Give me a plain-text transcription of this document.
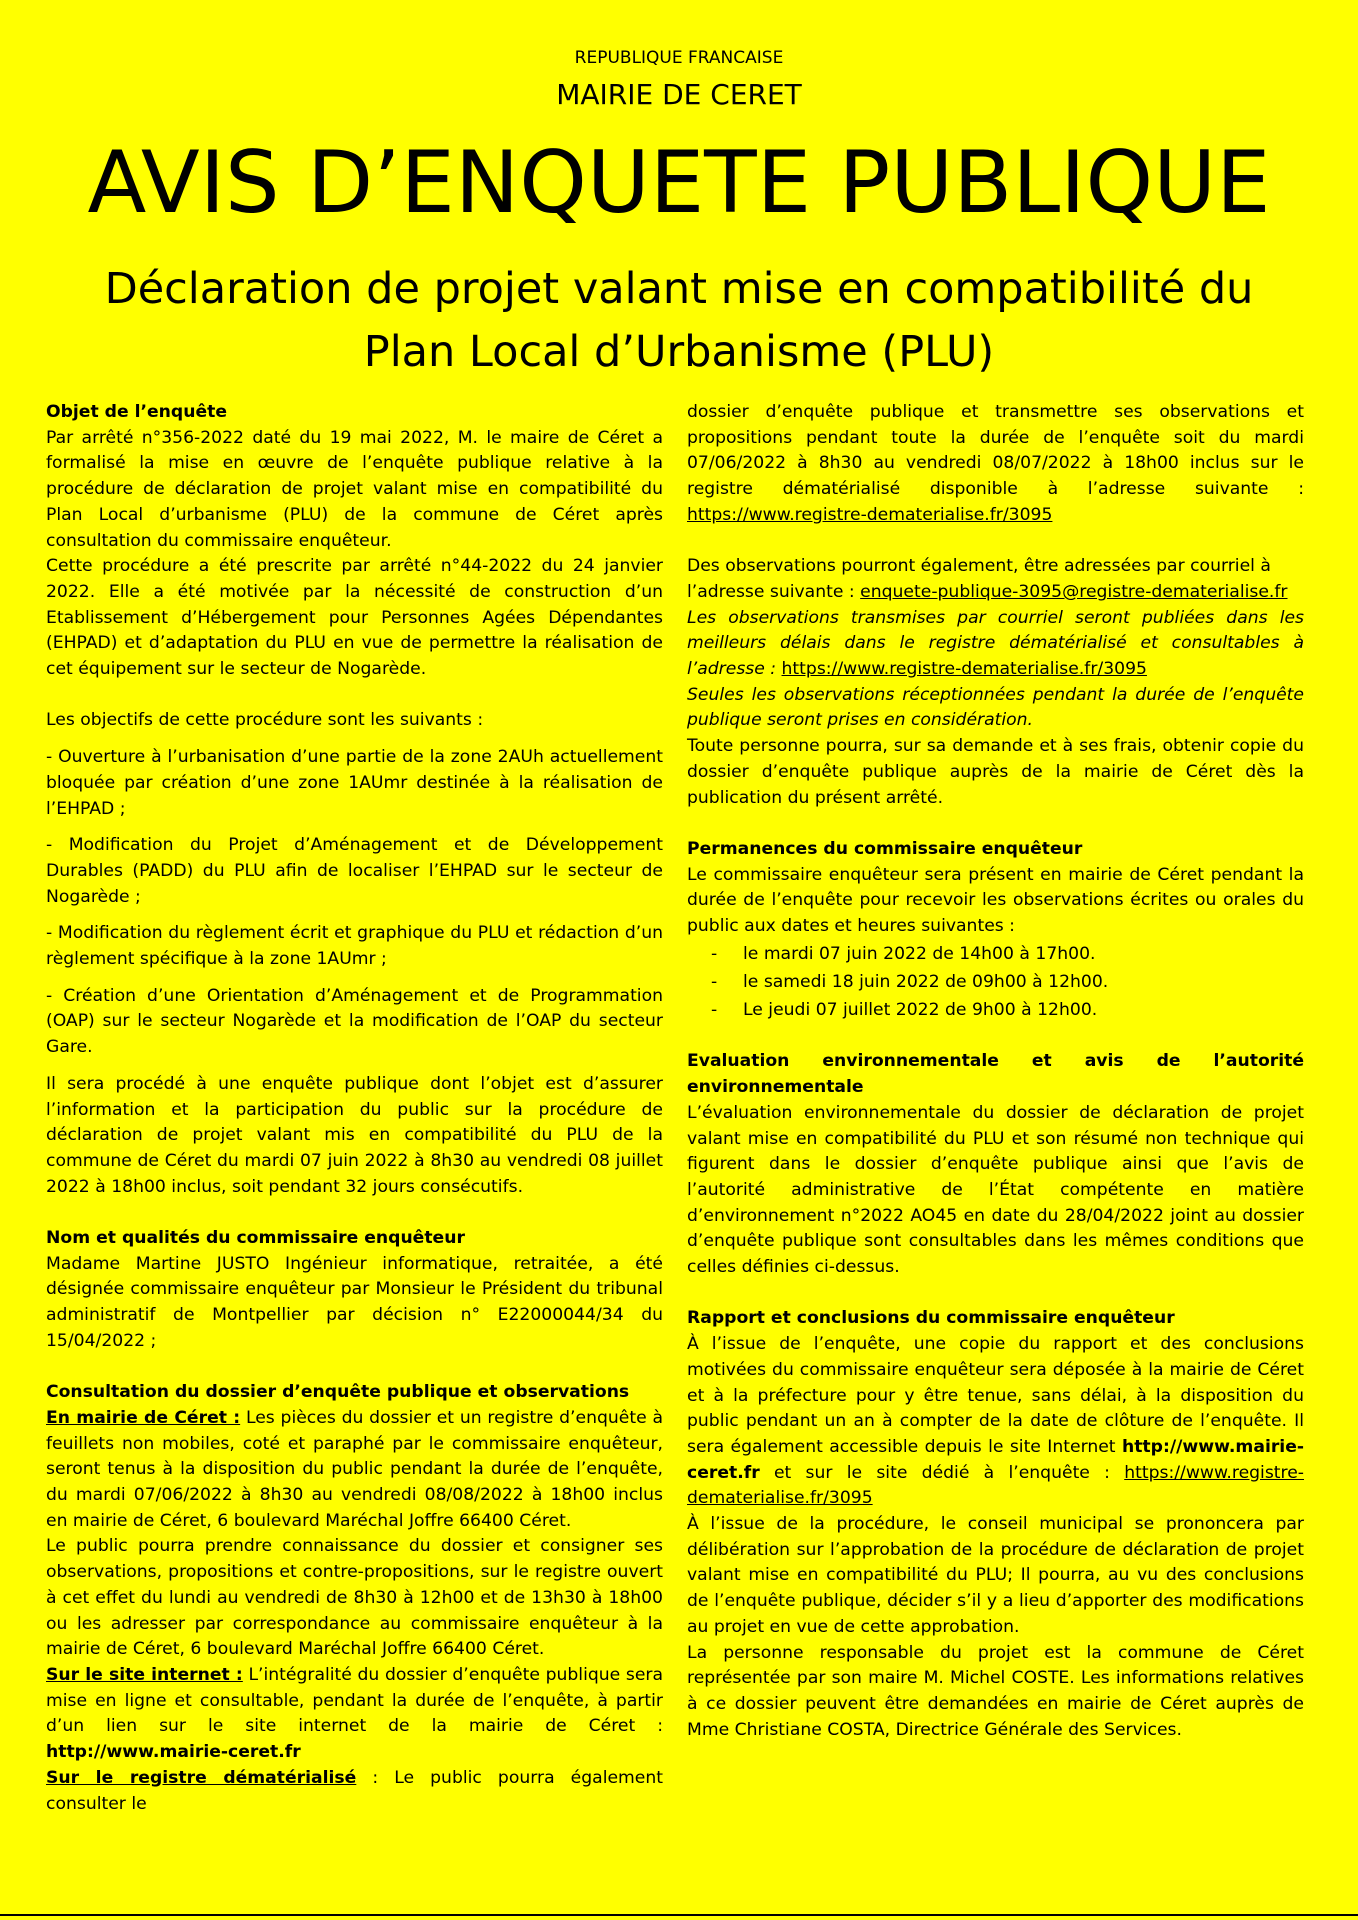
REPUBLIQUE FRANCAISE
MAIRIE DE CERET
AVIS D’ENQUETE PUBLIQUE
Déclaration de projet valant mise en compatibilité du
Plan Local d’Urbanisme (PLU)

Objet de l’enquête

Par arrêté n°356-2022 daté du 19 mai 2022, M. le maire de Céret a formalisé la mise en œuvre de l’enquête publique relative à la procédure de déclaration de projet valant mise en compatibilité du Plan Local d’urbanisme (PLU) de la commune de Céret après consultation du commissaire enquêteur.

Cette procédure a été prescrite par arrêté n°44-2022 du 24 janvier 2022. Elle a été motivée par la nécessité de construction d’un Etablissement d’Hébergement pour Personnes Agées Dépendantes (EHPAD) et d’adaptation du PLU en vue de permettre la réalisation de cet équipement sur le secteur de Nogarède.

Les objectifs de cette procédure sont les suivants :

- Ouverture à l’urbanisation d’une partie de la zone 2AUh actuellement bloquée par création d’une zone 1AUmr destinée à la réalisation de l’EHPAD ;

- Modification du Projet d’Aménagement et de Développement Durables (PADD) du PLU afin de localiser l’EHPAD sur le secteur de Nogarède ;

- Modification du règlement écrit et graphique du PLU et rédaction d’un règlement spécifique à la zone 1AUmr ;

- Création d’une Orientation d’Aménagement et de Programmation (OAP) sur le secteur Nogarède et la modification de l’OAP du secteur Gare.

Il sera procédé à une enquête publique dont l’objet est d’assurer l’information et la participation du public sur la procédure de déclaration de projet valant mis en compatibilité du PLU de la commune de Céret du mardi 07 juin 2022 à 8h30 au vendredi 08 juillet 2022 à 18h00 inclus, soit pendant 32 jours consécutifs.

Nom et qualités du commissaire enquêteur

Madame Martine JUSTO Ingénieur informatique, retraitée, a été désignée commissaire enquêteur par Monsieur le Président du tribunal administratif de Montpellier par décision n° E22000044/34 du 15/04/2022 ;

Consultation du dossier d’enquête publique et observations

En mairie de Céret : Les pièces du dossier et un registre d’enquête à feuillets non mobiles, coté et paraphé par le commissaire enquêteur, seront tenus à la disposition du public pendant la durée de l’enquête, du mardi 07/06/2022 à 8h30 au vendredi 08/08/2022 à 18h00 inclus en mairie de Céret, 6 boulevard Maréchal Joffre 66400 Céret.

Le public pourra prendre connaissance du dossier et consigner ses observations, propositions et contre-propositions, sur le registre ouvert à cet effet du lundi au vendredi de 8h30 à 12h00 et de 13h30 à 18h00 ou les adresser par correspondance au commissaire enquêteur à la mairie de Céret, 6 boulevard Maréchal Joffre 66400 Céret.

Sur le site internet : L’intégralité du dossier d’enquête publique sera mise en ligne et consultable, pendant la durée de l’enquête, à partir d’un lien sur le site internet de la mairie de Céret : http://www.mairie-ceret.fr

Sur le registre dématérialisé : Le public pourra également consulter le

dossier d’enquête publique et transmettre ses observations et propositions pendant toute la durée de l’enquête soit du mardi 07/06/2022 à 8h30 au vendredi 08/07/2022 à 18h00 inclus sur le registre dématérialisé disponible à l’adresse suivante : https://www.registre-dematerialise.fr/3095

Des observations pourront également, être adressées par courriel à l’adresse suivante : enquete-publique-3095@registre-dematerialise.fr

Les observations transmises par courriel seront publiées dans les meilleurs délais dans le registre dématérialisé et consultables à l’adresse : https://www.registre-dematerialise.fr/3095

Seules les observations réceptionnées pendant la durée de l’enquête publique seront prises en considération.

Toute personne pourra, sur sa demande et à ses frais, obtenir copie du dossier d’enquête publique auprès de la mairie de Céret dès la publication du présent arrêté.

Permanences du commissaire enquêteur

Le commissaire enquêteur sera présent en mairie de Céret pendant la durée de l’enquête pour recevoir les observations écrites ou orales du public aux dates et heures suivantes :

- le mardi 07 juin 2022 de 14h00 à 17h00.
- le samedi 18 juin 2022 de 09h00 à 12h00.
- Le jeudi 07 juillet 2022 de 9h00 à 12h00.

Evaluation environnementale et avis de l’autorité environnementale

L’évaluation environnementale du dossier de déclaration de projet valant mise en compatibilité du PLU et son résumé non technique qui figurent dans le dossier d’enquête publique ainsi que l’avis de l’autorité administrative de l’État compétente en matière d’environnement n°2022 AO45 en date du 28/04/2022 joint au dossier d’enquête publique sont consultables dans les mêmes conditions que celles définies ci-dessus.

Rapport et conclusions du commissaire enquêteur

À l’issue de l’enquête, une copie du rapport et des conclusions motivées du commissaire enquêteur sera déposée à la mairie de Céret et à la préfecture pour y être tenue, sans délai, à la disposition du public pendant un an à compter de la date de clôture de l’enquête. Il sera également accessible depuis le site Internet http://www.mairie-ceret.fr et sur le site dédié à l’enquête : https://www.registre-dematerialise.fr/3095

À l’issue de la procédure, le conseil municipal se prononcera par délibération sur l’approbation de la procédure de déclaration de projet valant mise en compatibilité du PLU; Il pourra, au vu des conclusions de l’enquête publique, décider s’il y a lieu d’apporter des modifications au projet en vue de cette approbation.

La personne responsable du projet est la commune de Céret représentée par son maire M. Michel COSTE. Les informations relatives à ce dossier peuvent être demandées en mairie de Céret auprès de Mme Christiane COSTA, Directrice Générale des Services.
